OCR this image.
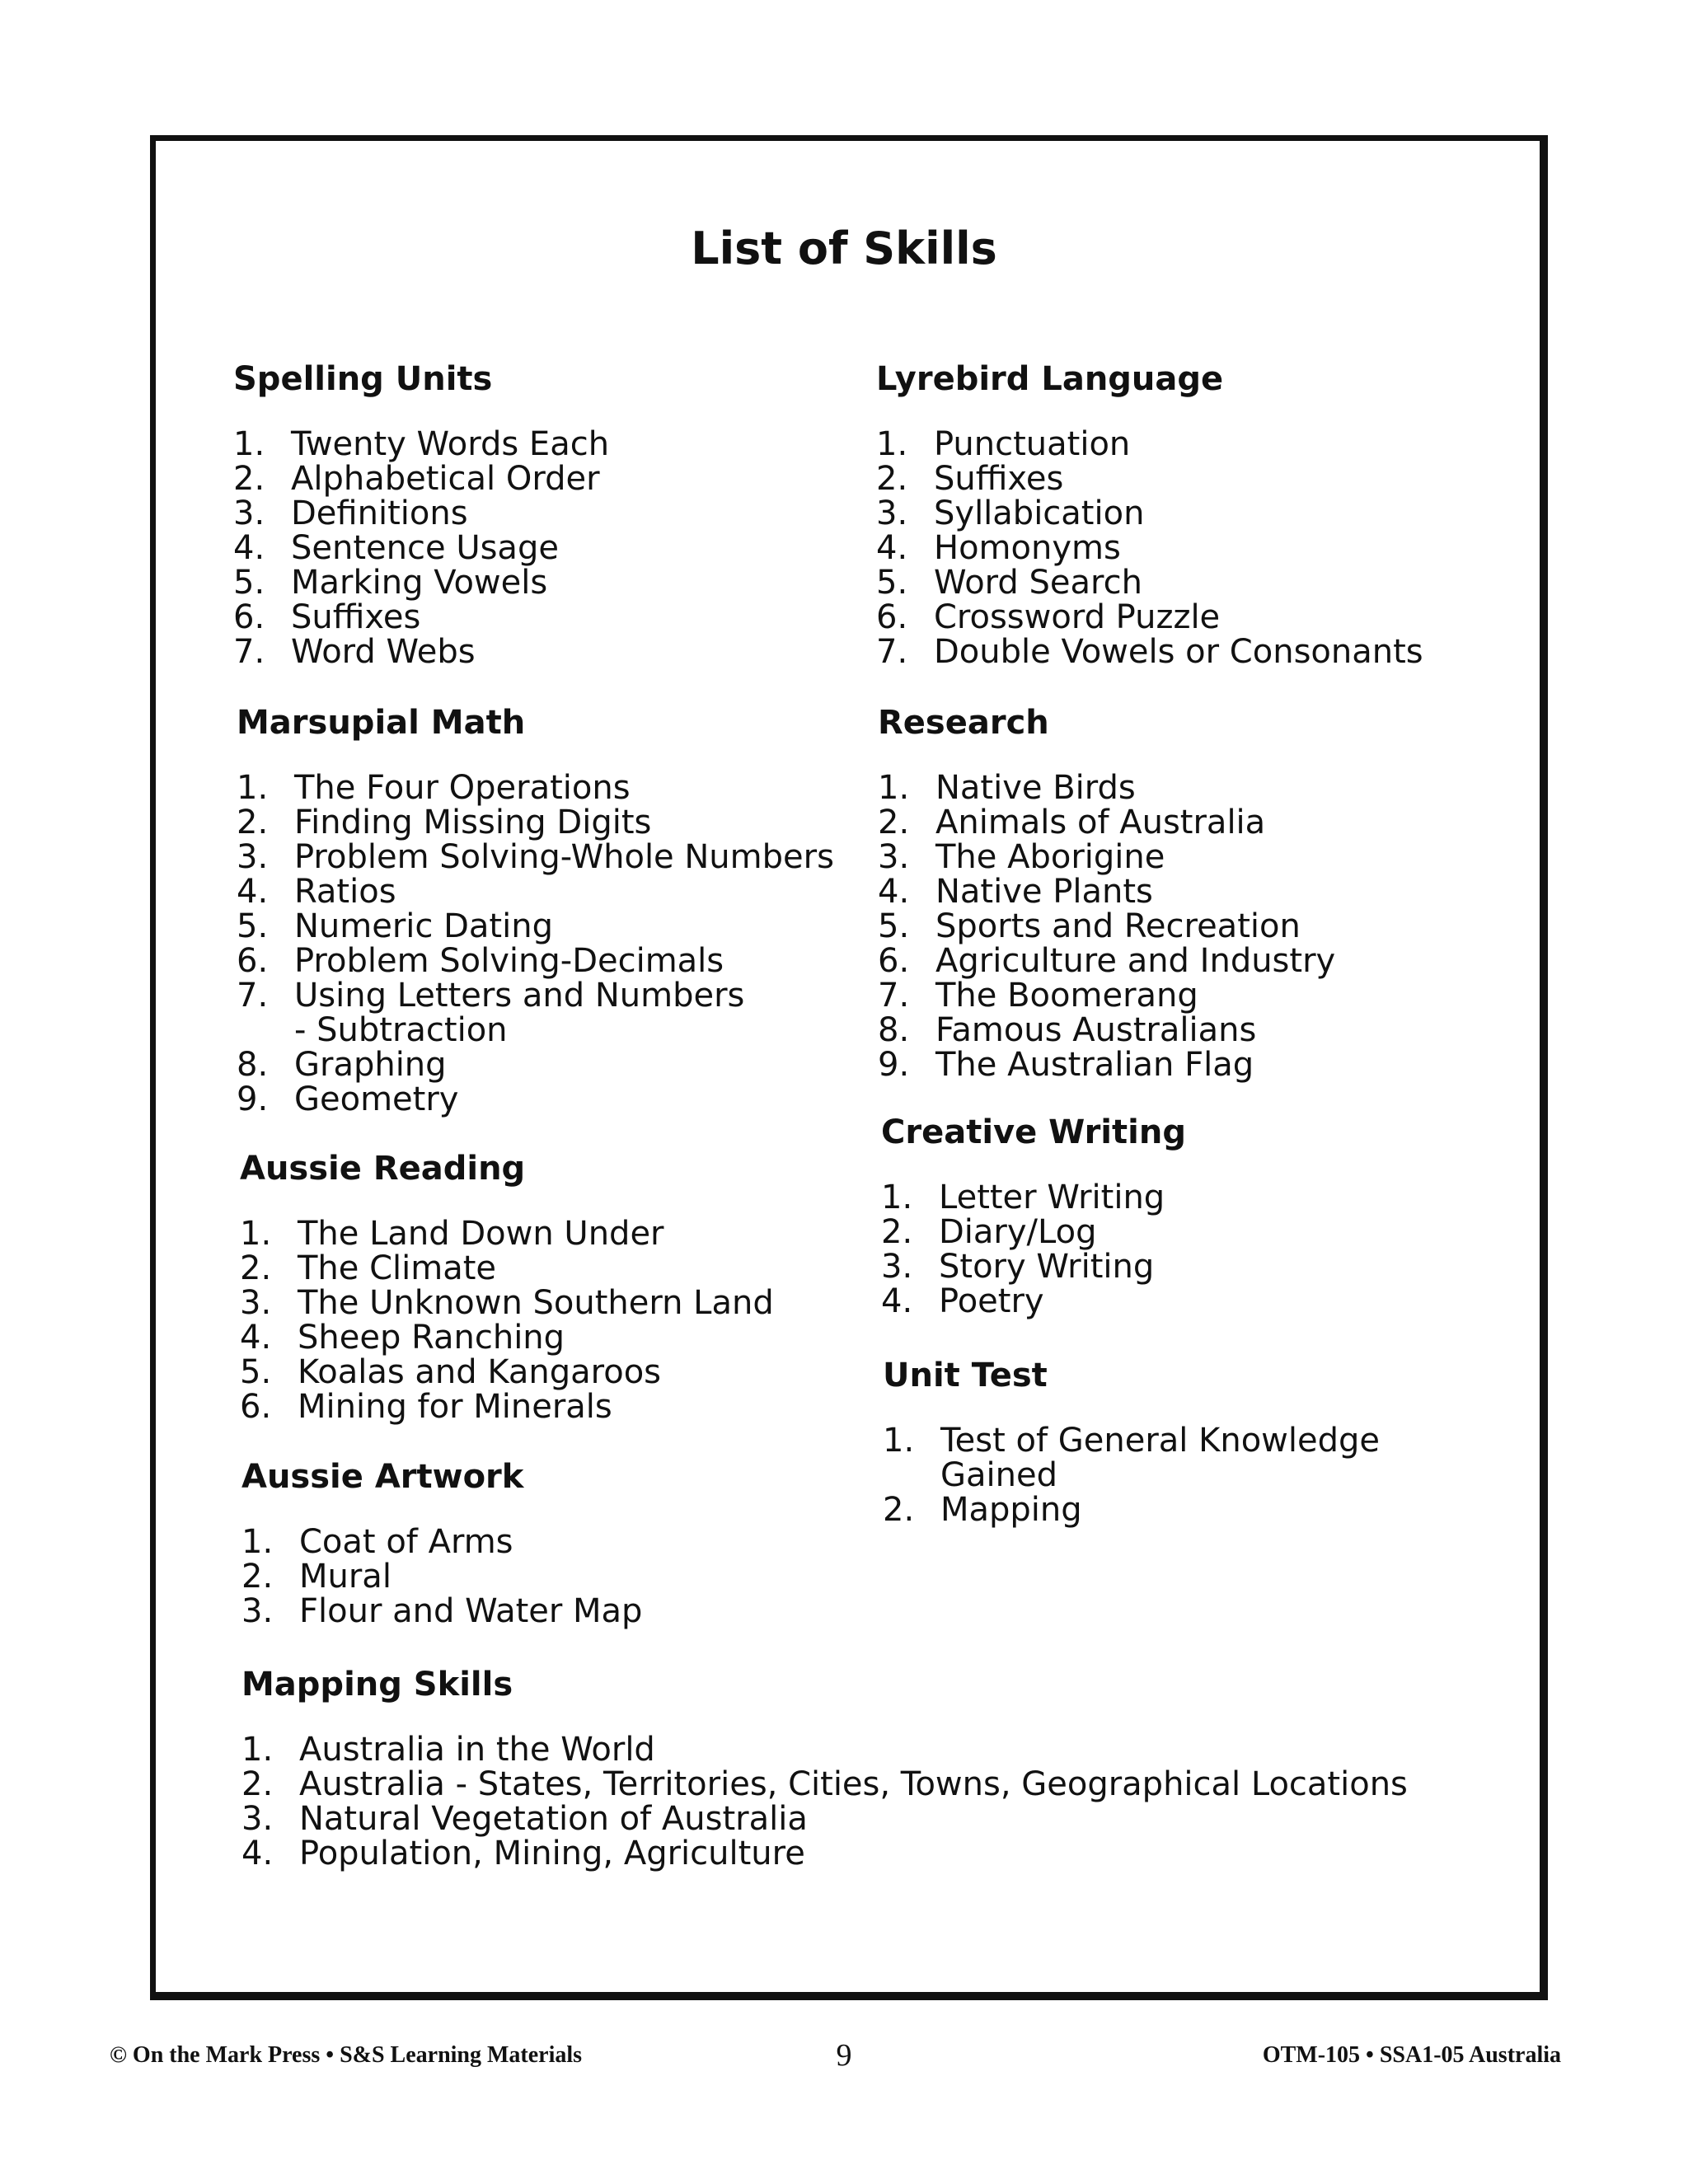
List of Skills
Spelling Units
1. Twenty Words Each
2. Alphabetical Order
3. Definitions
4. Sentence Usage
5. Marking Vowels
6. Suffixes
7. Word Webs
Marsupial Math
1. The Four Operations
2. Finding Missing Digits
3. Problem Solving-Whole Numbers
4. Ratios
5. Numeric Dating
6. Problem Solving-Decimals
7. Using Letters and Numbers - Subtraction
8. Graphing
9. Geometry
Aussie Reading
1. The Land Down Under
2. The Climate
3. The Unknown Southern Land
4. Sheep Ranching
5. Koalas and Kangaroos
6. Mining for Minerals
Aussie Artwork
1. Coat of Arms
2. Mural
3. Flour and Water Map
Mapping Skills
1. Australia in the World
2. Australia - States, Territories, Cities, Towns, Geographical Locations
3. Natural Vegetation of Australia
4. Population, Mining, Agriculture
Lyrebird Language
1. Punctuation
2. Suffixes
3. Syllabication
4. Homonyms
5. Word Search
6. Crossword Puzzle
7. Double Vowels or Consonants
Research
1. Native Birds
2. Animals of Australia
3. The Aborigine
4. Native Plants
5. Sports and Recreation
6. Agriculture and Industry
7. The Boomerang
8. Famous Australians
9. The Australian Flag
Creative Writing
1. Letter Writing
2. Diary/Log
3. Story Writing
4. Poetry
Unit Test
1. Test of General Knowledge Gained
2. Mapping
© On the Mark Press • S&S Learning Materials	9	OTM-105 • SSA1-05 Australia
